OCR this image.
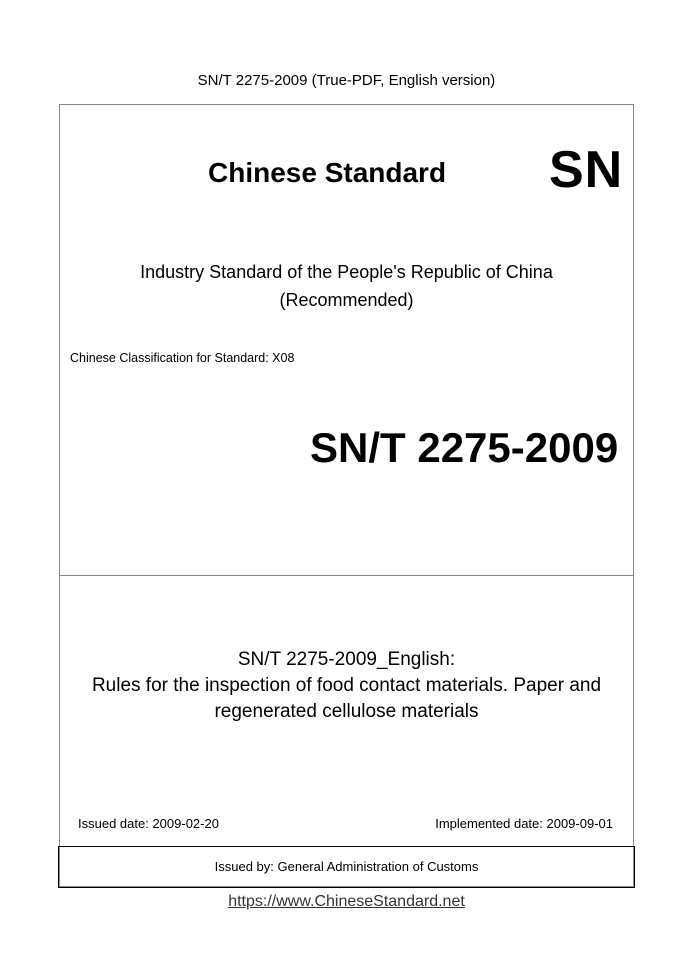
SN/T 2275-2009 (True-PDF, English version)
Chinese Standard SN
Industry Standard of the People's Republic of China
(Recommended)
Chinese Classification for Standard: X08
SN/T 2275-2009
SN/T 2275-2009_English:
Rules for the inspection of food contact materials. Paper and
regenerated cellulose materials
Issued date: 2009-02-20	Implemented date: 2009-09-01
Issued by: General Administration of Customs
https://www.ChineseStandard.net
